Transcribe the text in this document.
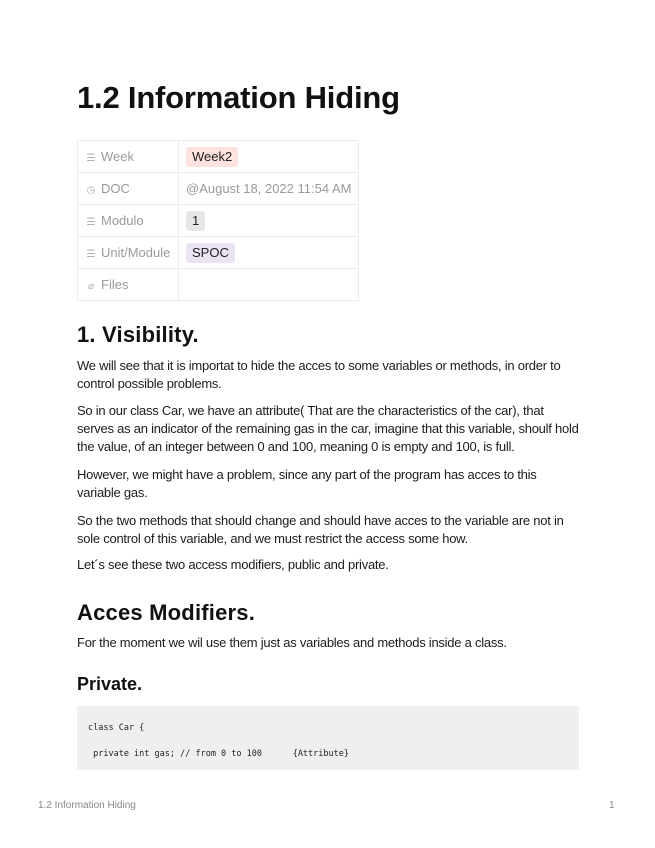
1.2 Information Hiding
☰ Week	Week2
◷ DOC	@August 18, 2022 11:54 AM
☰ Modulo	1
☰ Unit/Module	SPOC
⌀ Files	
1. Visibility.

We will see that it is importat to hide the acces to some variables or methods, in order to control possible problems.

So in our class Car, we have an attribute( That are the characteristics of the car), that serves as an indicator of the remaining gas in the car, imagine that this variable, shoulf hold the value, of an integer between 0 and 100, meaning 0 is empty and 100, is full.

However, we might have a problem, since any part of the program has acces to this variable gas.

So the two methods that should change and should have acces to the variable are not in sole control of this variable, and we must restrict the access some how.

Let´s see these two access modifiers, public and private.

Acces Modifiers.

For the moment we wil use them just as variables and methods inside a class.

Private.
class Car {
private int gas; // from 0 to 100      {Attribute}
1.2 Information Hiding	1
